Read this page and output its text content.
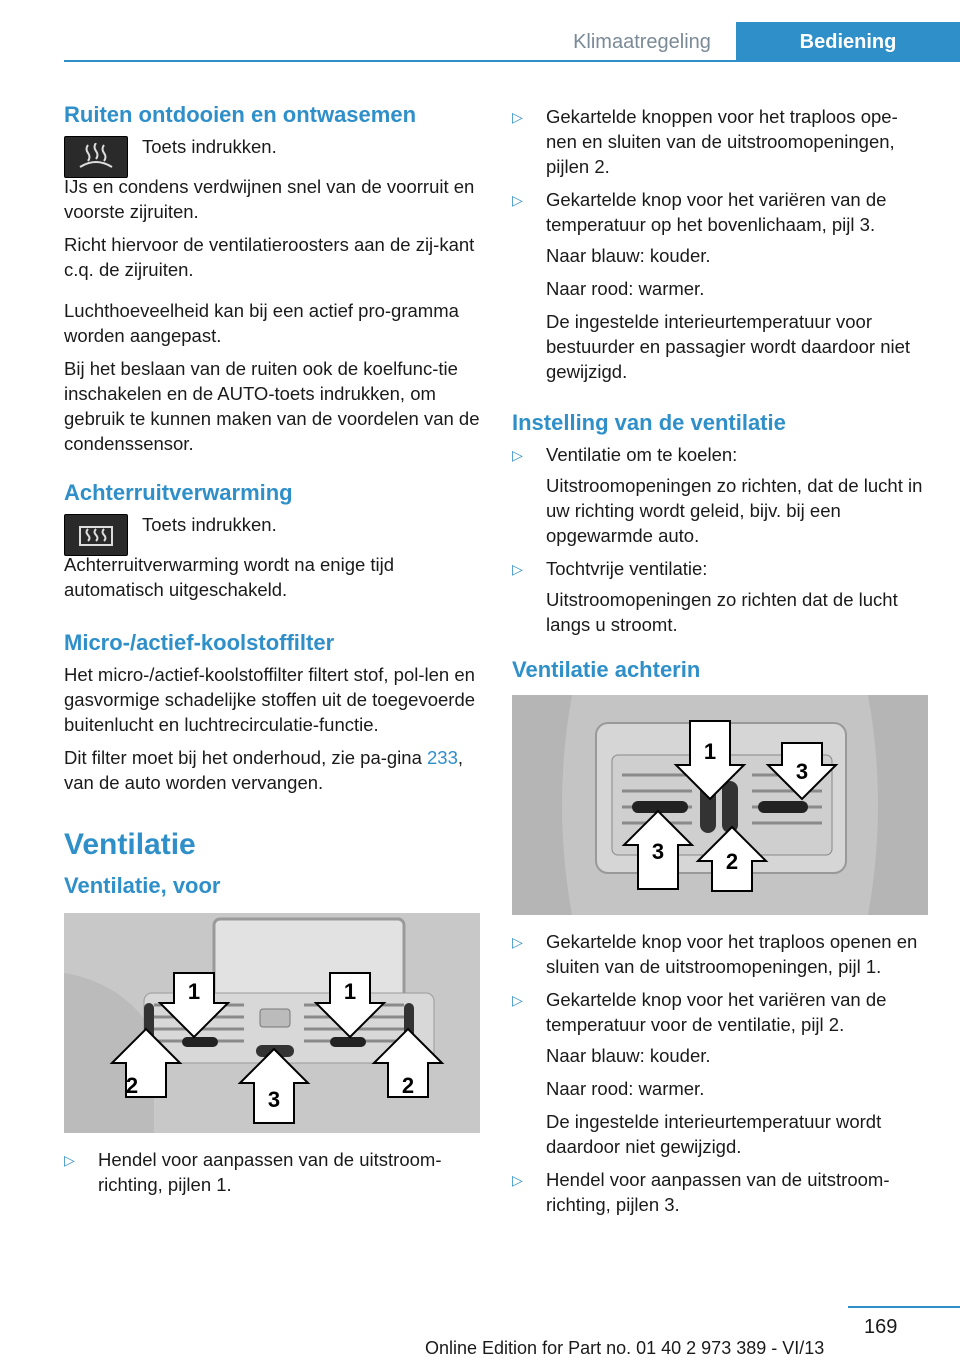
Klimaatregeling	Bediening
Ruiten ontdooien en ontwasemen

Toets indrukken.

IJs en condens verdwijnen snel van de voorruit en voorste zijruiten.

Richt hiervoor de ventilatieroosters aan de zij‐kant c.q. de zijruiten.

Luchthoeveelheid kan bij een actief pro‐gramma worden aangepast.

Bij het beslaan van de ruiten ook de koelfunc‐tie inschakelen en de AUTO-toets indrukken, om gebruik te kunnen maken van de voordelen van de condenssensor.

Achterruitverwarming

Toets indrukken.

Achterruitverwarming wordt na enige tijd automatisch uitgeschakeld.

Micro-/actief-koolstoffilter

Het micro-/actief-koolstoffilter filtert stof, pol‐len en gasvormige schadelijke stoffen uit de toegevoerde buitenlucht en luchtrecirculatie‐functie.

Dit filter moet bij het onderhoud, zie pa‐gina 233, van de auto worden vervangen.

Ventilatie
Ventilatie, voor
1	1
2
3
2
▷ Hendel voor aanpassen van de uitstroom‐richting, pijlen 1.
▷ Gekartelde knoppen voor het traploos ope‐nen en sluiten van de uitstroomopeningen, pijlen 2.
▷ Gekartelde knop voor het variëren van de temperatuur op het bovenlichaam, pijl 3.

Naar blauw: kouder.

Naar rood: warmer.

De ingestelde interieurtemperatuur voor bestuurder en passagier wordt daardoor niet gewijzigd.

Instelling van de ventilatie
▷ Ventilatie om te koelen:

Uitstroomopeningen zo richten, dat de lucht in uw richting wordt geleid, bijv. bij een opgewarmde auto.

▷ Tochtvrije ventilatie:

Uitstroomopeningen zo richten dat de lucht langs u stroomt.

Ventilatie achterin
1
3
3	2
▷ Gekartelde knop voor het traploos openen en sluiten van de uitstroomopeningen, pijl 1.
▷ Gekartelde knop voor het variëren van de temperatuur voor de ventilatie, pijl 2.

Naar blauw: kouder.

Naar rood: warmer.

De ingestelde interieurtemperatuur wordt daardoor niet gewijzigd.

▷ Hendel voor aanpassen van de uitstroom‐richting, pijlen 3.
169
Online Edition for Part no. 01 40 2 973 389 - VI/13
